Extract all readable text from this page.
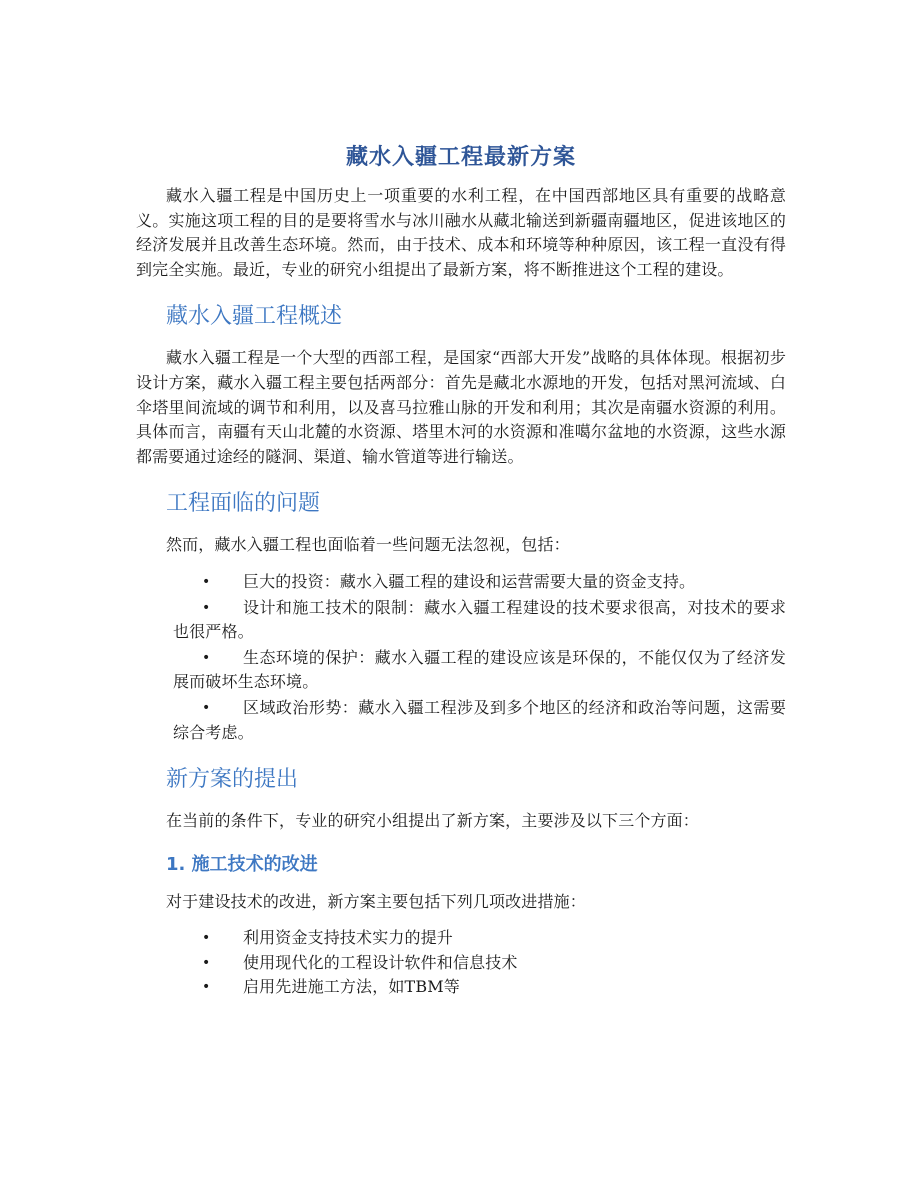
藏水入疆工程最新方案

藏水入疆工程是中国历史上一项重要的水利工程，在中国西部地区具有重要的战略意义。实施这项工程的目的是要将雪水与冰川融水从藏北输送到新疆南疆地区，促进该地区的经济发展并且改善生态环境。然而，由于技术、成本和环境等种种原因，该工程一直没有得到完全实施。最近，专业的研究小组提出了最新方案，将不断推进这个工程的建设。

藏水入疆工程概述

藏水入疆工程是一个大型的西部工程，是国家“西部大开发”战略的具体体现。根据初步设计方案，藏水入疆工程主要包括两部分：首先是藏北水源地的开发，包括对黑河流域、白伞塔里间流域的调节和利用，以及喜马拉雅山脉的开发和利用；其次是南疆水资源的利用。具体而言，南疆有天山北麓的水资源、塔里木河的水资源和准噶尔盆地的水资源，这些水源都需要通过途经的隧洞、渠道、输水管道等进行输送。

工程面临的问题

然而，藏水入疆工程也面临着一些问题无法忽视，包括：

• 巨大的投资：藏水入疆工程的建设和运营需要大量的资金支持。
• 设计和施工技术的限制：藏水入疆工程建设的技术要求很高，对技术的要求也很严格。
• 生态环境的保护：藏水入疆工程的建设应该是环保的，不能仅仅为了经济发展而破坏生态环境。
• 区域政治形势：藏水入疆工程涉及到多个地区的经济和政治等问题，这需要综合考虑。
新方案的提出

在当前的条件下，专业的研究小组提出了新方案，主要涉及以下三个方面：

1. 施工技术的改进

对于建设技术的改进，新方案主要包括下列几项改进措施：

• 利用资金支持技术实力的提升
• 使用现代化的工程设计软件和信息技术
• 启用先进施工方法，如TBM等
